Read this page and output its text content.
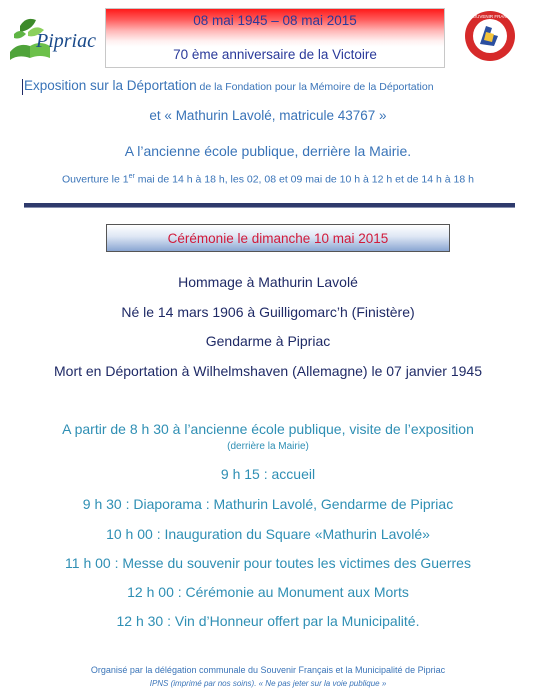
Pipriac
LE SOUVENIR FRANÇAIS
08 mai 1945 – 08 mai 2015
70 ème anniversaire de la Victoire
Exposition sur la Déportation de la Fondation pour la Mémoire de la Déportation
et « Mathurin Lavolé, matricule 43767 »
A l’ancienne école publique, derrière la Mairie.
Ouverture le 1er mai de 14 h à 18 h, les 02, 08 et 09 mai de 10 h à 12 h et de 14 h à 18 h
Cérémonie le dimanche 10 mai 2015
Hommage à Mathurin Lavolé
Né le 14 mars 1906 à Guilligomarc’h (Finistère)
Gendarme à Pipriac
Mort en Déportation à Wilhelmshaven (Allemagne) le 07 janvier 1945
A partir de 8 h 30 à l’ancienne école publique, visite de l’exposition
(derrière la Mairie)
9 h 15 : accueil
9 h 30 : Diaporama : Mathurin Lavolé, Gendarme de Pipriac
10 h 00 : Inauguration du Square «Mathurin Lavolé»
11 h 00 : Messe du souvenir pour toutes les victimes des Guerres
12 h 00 : Cérémonie au Monument aux Morts
12 h 30 : Vin d’Honneur offert par la Municipalité.
Organisé par la délégation communale du Souvenir Français et la Municipalité de Pipriac
IPNS (imprimé par nos soins). « Ne pas jeter sur la voie publique »
